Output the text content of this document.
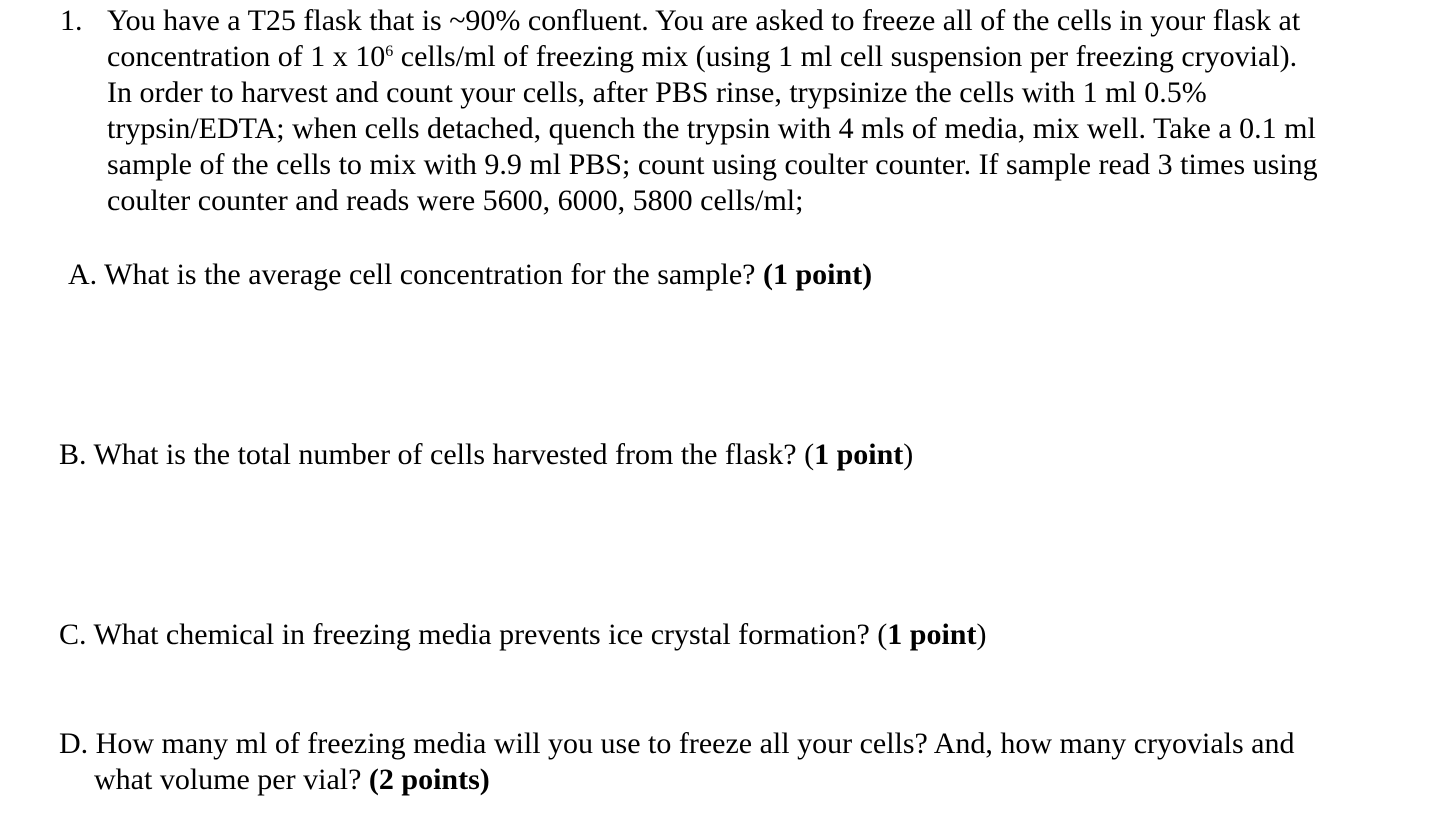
1. You have a T25 flask that is ~90% confluent. You are asked to freeze all of the cells in your flask at
concentration of 1 x $10^6$ cells/ml of freezing mix (using 1 ml cell suspension per freezing cryovial).
In order to harvest and count your cells, after PBS rinse, trypsinize the cells with 1 ml 0.5%
trypsin/EDTA; when cells detached, quench the trypsin with 4 mls of media, mix well. Take a 0.1 ml
sample of the cells to mix with 9.9 ml PBS; count using coulter counter. If sample read 3 times using
coulter counter and reads were 5600, 6000, 5800 cells/ml;
A. What is the average cell concentration for the sample? (1 point)
B. What is the total number of cells harvested from the flask? (1 point)
C. What chemical in freezing media prevents ice crystal formation? (1 point)
D. How many ml of freezing media will you use to freeze all your cells? And, how many cryovials and
what volume per vial? (2 points)
